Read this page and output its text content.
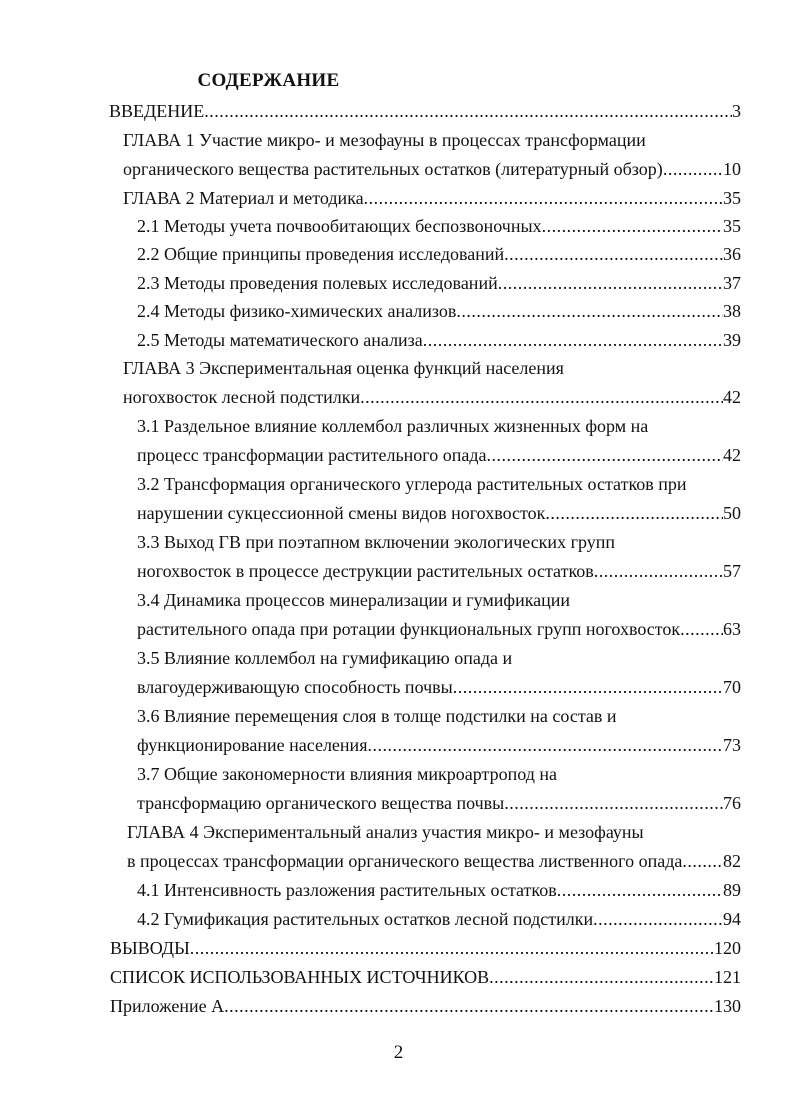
СОДЕРЖАНИЕ
ВВЕДЕНИЕ .....	3
ГЛАВА 1 Участие микро- и мезофауны в процессах трансформации
органического вещества растительных остатков (литературный обзор) .....	10
ГЛАВА 2 Материал и методика .....	35
2.1 Методы учета почвообитающих беспозвоночных .....	35
2.2 Общие принципы проведения исследований .....	36
2.3 Методы проведения полевых исследований .....	37
2.4 Методы физико-химических анализов .....	38
2.5 Методы математического анализа .....	39
ГЛАВА 3 Экспериментальная оценка функций населения
ногохвосток лесной подстилки .....	42
3.1 Раздельное влияние коллембол различных жизненных форм на
процесс трансформации растительного опада .....	42
3.2 Трансформация органического углерода растительных остатков при
нарушении сукцессионной смены видов ногохвосток .....	50
3.3 Выход ГВ при поэтапном включении экологических групп
ногохвосток в процессе деструкции растительных остатков .....	57
3.4 Динамика процессов минерализации и гумификации
растительного опада при ротации функциональных групп ногохвосток ..... 63
3.5 Влияние коллембол на гумификацию опада и
влагоудерживающую способность почвы .....	70
3.6 Влияние перемещения слоя в толще подстилки на состав и
функционирование населения .....	73
3.7 Общие закономерности влияния микроартропод на
трансформацию органического вещества почвы .....	76
ГЛАВА 4 Экспериментальный анализ участия микро- и мезофауны
в процессах трансформации органического вещества лиственного опада ..... 82
4.1 Интенсивность разложения растительных остатков .....	89
4.2 Гумификация растительных остатков лесной подстилки .....	94
ВЫВОДЫ .....	120
СПИСОК ИСПОЛЬЗОВАННЫХ ИСТОЧНИКОВ .....	121
Приложение А .....	130
2
